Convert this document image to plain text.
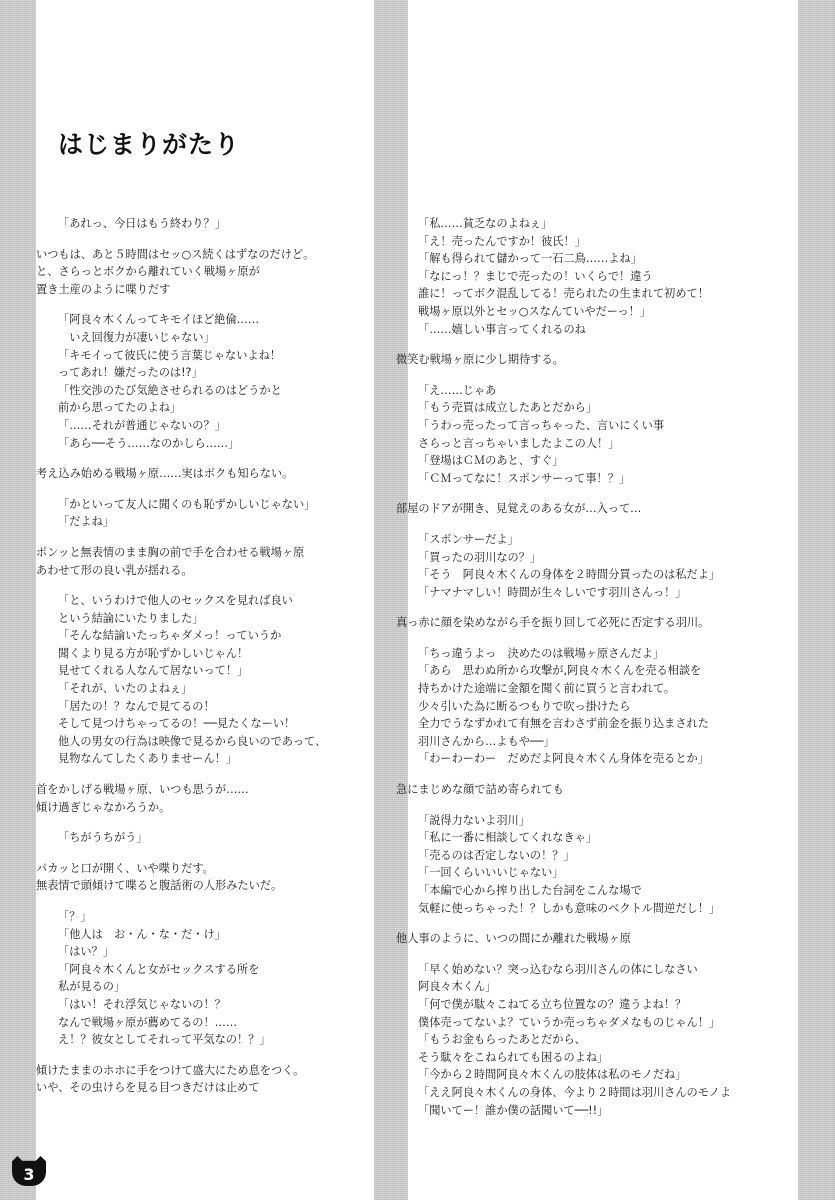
はじまりがたり
「あれっ、今日はもう終わり？」
いつもは、あと５時間はセッ○ス続くはずなのだけど。
と、さらっとボクから離れていく戦場ヶ原が
置き土産のように喋りだす
「阿良々木くんってキモイほど絶倫……
　いえ回復力が凄いじゃない」
「キモイって彼氏に使う言葉じゃないよね！
ってあれ！嫌だったのは!?」
「性交渉のたび気絶させられるのはどうかと
前から思ってたのよね」
「……それが普通じゃないの？」
「あら──そう……なのかしら……」
考え込み始める戦場ヶ原……実はボクも知らない。
「かといって友人に聞くのも恥ずかしいじゃない」
「だよね」
ポンッと無表情のまま胸の前で手を合わせる戦場ヶ原
あわせて形の良い乳が揺れる。
「と、いうわけで他人のセックスを見れば良い
という結論にいたりました」
「そんな結論いたっちゃダメっ！っていうか
聞くより見る方が恥ずかしいじゃん！
見せてくれる人なんて居ないって！」
「それが、いたのよねぇ」
「居たの！？なんで見てるの！
そして見つけちゃってるの！──見たくなーい！
他人の男女の行為は映像で見るから良いのであって、
見物なんてしたくありませーん！」
首をかしげる戦場ヶ原、いつも思うが……
傾け過ぎじゃなかろうか。
「ちがうちがう」
パカッと口が開く、いや喋りだす。
無表情で頭傾けて喋ると腹話術の人形みたいだ。
「？」
「他人は　お・ん・な・だ・け」
「はい？」
「阿良々木くんと女がセックスする所を
私が見るの」
「はい！それ浮気じゃないの！？
なんで戦場ヶ原が薦めてるの！……
え！？彼女としてそれって平気なの！？」
傾けたままのホホに手をつけて盛大にため息をつく。
いや、その虫けらを見る目つきだけは止めて
「私……貧乏なのよねぇ」
「え！売ったんですか！彼氏！」
「解も得られて儲かって一石二鳥……よね」
「なにっ！？まじで売ったの！いくらで！違う
誰に！ってボク混乱してる！売られたの生まれて初めて！
戦場ヶ原以外とセッ○スなんていやだーっ！」
「……嬉しい事言ってくれるのね
微笑む戦場ヶ原に少し期待する。
「え……じゃあ
「もう売買は成立したあとだから」
「うわっ売ったって言っちゃった、言いにくい事
さらっと言っちゃいましたよこの人！」
「登場はＣＭのあと、すぐ」
「ＣＭってなに！スポンサーって事！？」
部屋のドアが開き、見覚えのある女が…入って…
「スポンサーだよ」
「買ったの羽川なの？」
「そう　阿良々木くんの身体を２時間分買ったのは私だよ」
「ナマナマしい！時間が生々しいです羽川さんっ！」
真っ赤に顔を染めながら手を振り回して必死に否定する羽川。
「ちっ違うよっ　決めたのは戦場ヶ原さんだよ」
「あら　思わぬ所から攻撃が,阿良々木くんを売る相談を
持ちかけた途端に金額を聞く前に買うと言われて。
少々引いた為に断るつもりで吹っ掛けたら
全力でうなずかれて有無を言わさず前金を振り込まされた
羽川さんから…よもや──」
「わーわーわー　だめだよ阿良々木くん身体を売るとか」
急にまじめな顔で詰め寄られても
「説得力ないよ羽川」
「私に一番に相談してくれなきゃ」
「売るのは否定しないの！？」
「一回くらいいいじゃない」
「本編で心から搾り出した台詞をこんな場で
気軽に使っちゃった！？しかも意味のベクトル間逆だし！」
他人事のように、いつの間にか離れた戦場ヶ原
「早く始めない？突っ込むなら羽川さんの体にしなさい
阿良々木くん」
「何で僕が駄々こねてる立ち位置なの？違うよね！？
僕体売ってないよ？ていうか売っちゃダメなものじゃん！」
「もうお金もらったあとだから、
そう駄々をこねられても困るのよね」
「今から２時間阿良々木くんの肢体は私のモノだね」
「ええ阿良々木くんの身体、今より２時間は羽川さんのモノよ
「聞いてー！誰か僕の話聞いて──!!」
3
